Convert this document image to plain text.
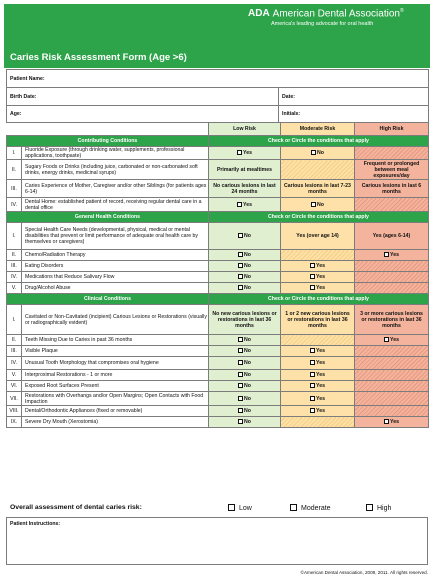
ADA American Dental Association®
America's leading advocate for oral health
Caries Risk Assessment Form (Age >6)
Patient Name:	
Birth Date:	Date:
Age:	Initials:
		Low Risk	Moderate Risk	High Risk
Contributing Conditions		Check or Circle the conditions that apply		
I.	Fluoride Exposure (through drinking water, supplements, professional applications, toothpaste)	Yes	No	
II.	Sugary Foods or Drinks (including juice, carbonated or non-carbonated soft drinks, energy drinks, medicinal syrups)	Primarily at mealtimes		Frequent or prolonged between meal exposures/day
III.	Caries Experience of Mother, Caregiver and/or other Siblings (for patients ages 6-14)	No carious lesions in last 24 months	Carious lesions in last 7-23 months	Carious lesions in last 6 months
IV.	Dental Home: established patient of record, receiving regular dental care in a dental office	Yes	No	
General Health Conditions		Check or Circle the conditions that apply		
I.	Special Health Care Needs (developmental, physical, medical or mental disabilities that prevent or limit performance of adequate oral health care by themselves or caregivers)	No	Yes (over age 14)	Yes (ages 6-14)
II.	Chemo/Radiation Therapy	No		Yes
III.	Eating Disorders	No	Yes	
IV.	Medications that Reduce Salivary Flow	No	Yes	
V.	Drug/Alcohol Abuse	No	Yes	
Clinical Conditions		Check or Circle the conditions that apply		
I.	Cavitated or Non-Cavitated (incipient) Carious Lesions or Restorations (visually or radiographically evident)	No new carious lesions or restorations in last 36 months	1 or 2 new carious lesions or restorations in last 36 months	3 or more carious lesions or restorations in last 36 months
II.	Teeth Missing Due to Caries in past 36 months	No		Yes
III.	Visible Plaque	No	Yes	
IV.	Unusual Tooth Morphology that compromises oral hygiene	No	Yes	
V.	Interproximal Restorations - 1 or more	No	Yes	
VI.	Exposed Root Surfaces Present	No	Yes	
VII.	Restorations with Overhangs and/or Open Margins; Open Contacts with Food Impaction	No	Yes	
VIII.	Dental/Orthodontic Appliances (fixed or removable)	No	Yes	
IX.	Severe Dry Mouth (Xerostomia)	No		Yes
Overall assessment of dental caries risk:	Low	Moderate	High
Patient Instructions:
©American Dental Association, 2009, 2011. All rights reserved.
